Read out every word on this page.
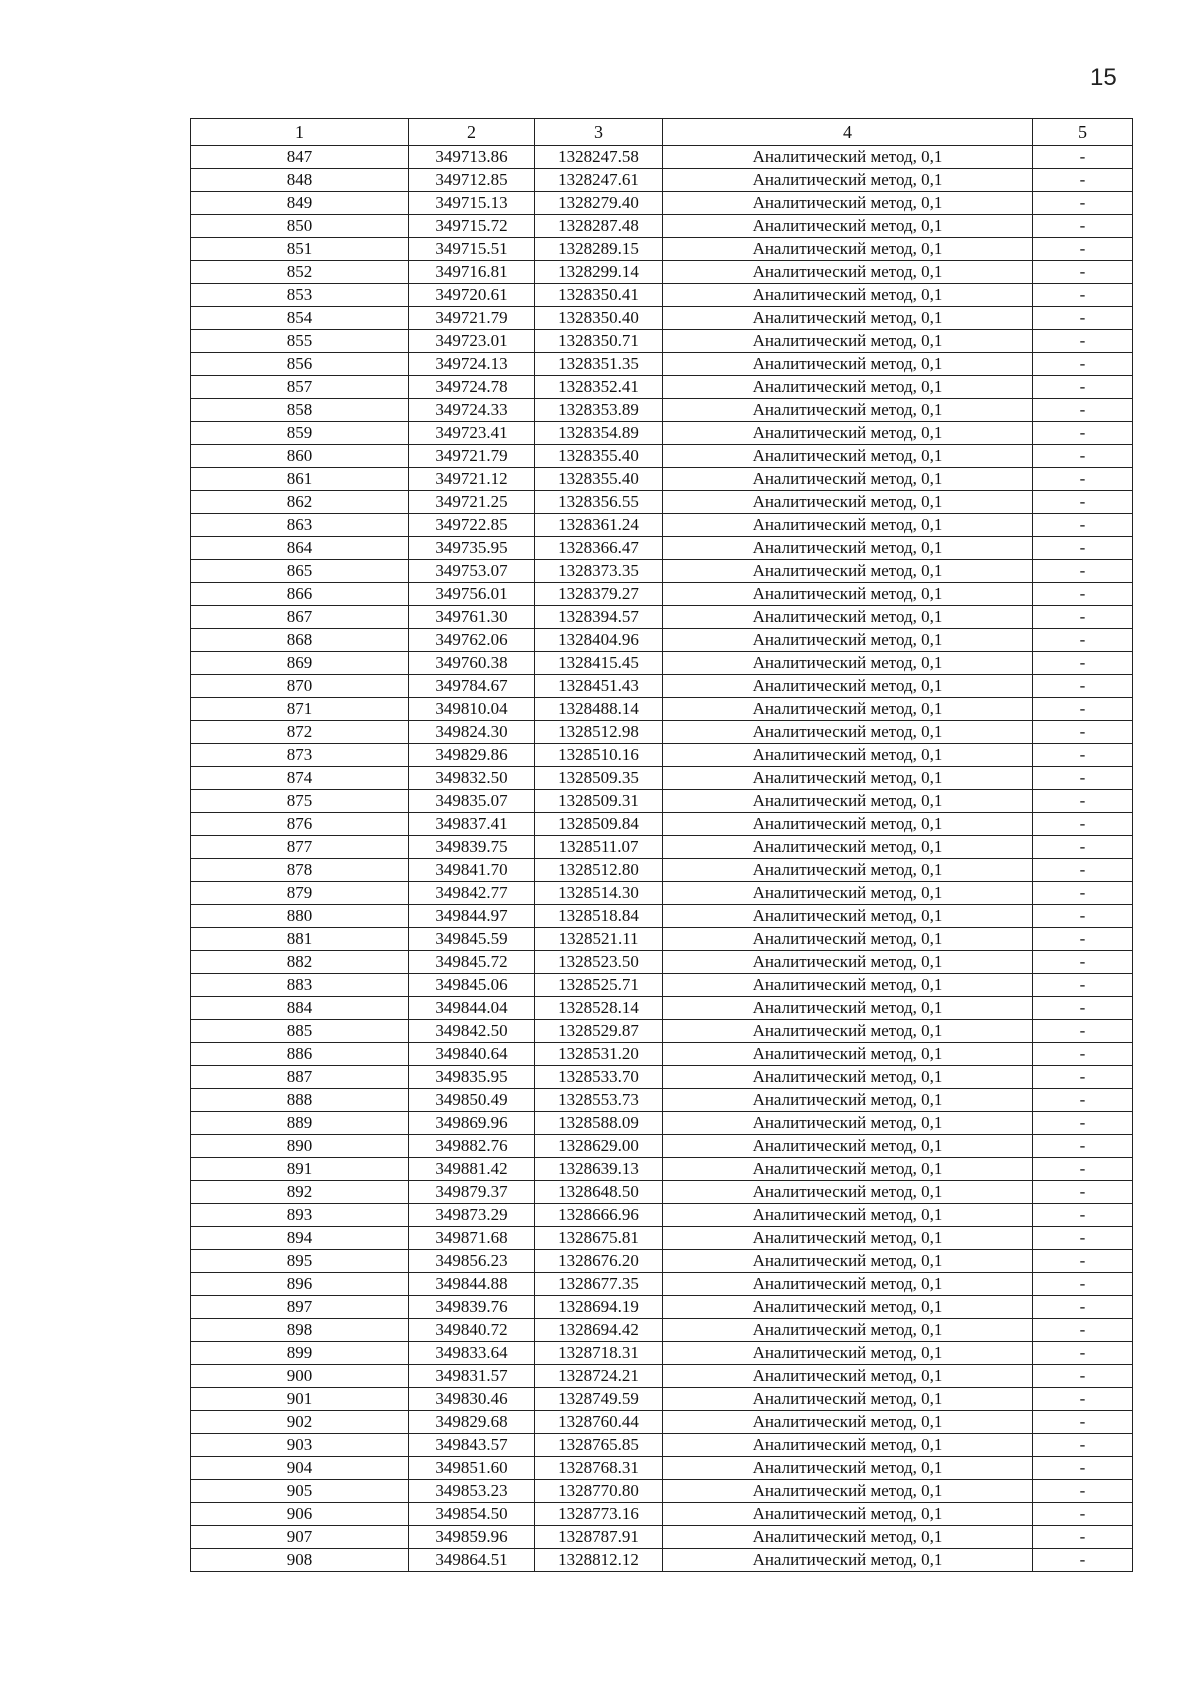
15
1	2	3	4	5
847	349713.86	1328247.58	Аналитический метод, 0,1	-
848	349712.85	1328247.61	Аналитический метод, 0,1	-
849	349715.13	1328279.40	Аналитический метод, 0,1	-
850	349715.72	1328287.48	Аналитический метод, 0,1	-
851	349715.51	1328289.15	Аналитический метод, 0,1	-
852	349716.81	1328299.14	Аналитический метод, 0,1	-
853	349720.61	1328350.41	Аналитический метод, 0,1	-
854	349721.79	1328350.40	Аналитический метод, 0,1	-
855	349723.01	1328350.71	Аналитический метод, 0,1	-
856	349724.13	1328351.35	Аналитический метод, 0,1	-
857	349724.78	1328352.41	Аналитический метод, 0,1	-
858	349724.33	1328353.89	Аналитический метод, 0,1	-
859	349723.41	1328354.89	Аналитический метод, 0,1	-
860	349721.79	1328355.40	Аналитический метод, 0,1	-
861	349721.12	1328355.40	Аналитический метод, 0,1	-
862	349721.25	1328356.55	Аналитический метод, 0,1	-
863	349722.85	1328361.24	Аналитический метод, 0,1	-
864	349735.95	1328366.47	Аналитический метод, 0,1	-
865	349753.07	1328373.35	Аналитический метод, 0,1	-
866	349756.01	1328379.27	Аналитический метод, 0,1	-
867	349761.30	1328394.57	Аналитический метод, 0,1	-
868	349762.06	1328404.96	Аналитический метод, 0,1	-
869	349760.38	1328415.45	Аналитический метод, 0,1	-
870	349784.67	1328451.43	Аналитический метод, 0,1	-
871	349810.04	1328488.14	Аналитический метод, 0,1	-
872	349824.30	1328512.98	Аналитический метод, 0,1	-
873	349829.86	1328510.16	Аналитический метод, 0,1	-
874	349832.50	1328509.35	Аналитический метод, 0,1	-
875	349835.07	1328509.31	Аналитический метод, 0,1	-
876	349837.41	1328509.84	Аналитический метод, 0,1	-
877	349839.75	1328511.07	Аналитический метод, 0,1	-
878	349841.70	1328512.80	Аналитический метод, 0,1	-
879	349842.77	1328514.30	Аналитический метод, 0,1	-
880	349844.97	1328518.84	Аналитический метод, 0,1	-
881	349845.59	1328521.11	Аналитический метод, 0,1	-
882	349845.72	1328523.50	Аналитический метод, 0,1	-
883	349845.06	1328525.71	Аналитический метод, 0,1	-
884	349844.04	1328528.14	Аналитический метод, 0,1	-
885	349842.50	1328529.87	Аналитический метод, 0,1	-
886	349840.64	1328531.20	Аналитический метод, 0,1	-
887	349835.95	1328533.70	Аналитический метод, 0,1	-
888	349850.49	1328553.73	Аналитический метод, 0,1	-
889	349869.96	1328588.09	Аналитический метод, 0,1	-
890	349882.76	1328629.00	Аналитический метод, 0,1	-
891	349881.42	1328639.13	Аналитический метод, 0,1	-
892	349879.37	1328648.50	Аналитический метод, 0,1	-
893	349873.29	1328666.96	Аналитический метод, 0,1	-
894	349871.68	1328675.81	Аналитический метод, 0,1	-
895	349856.23	1328676.20	Аналитический метод, 0,1	-
896	349844.88	1328677.35	Аналитический метод, 0,1	-
897	349839.76	1328694.19	Аналитический метод, 0,1	-
898	349840.72	1328694.42	Аналитический метод, 0,1	-
899	349833.64	1328718.31	Аналитический метод, 0,1	-
900	349831.57	1328724.21	Аналитический метод, 0,1	-
901	349830.46	1328749.59	Аналитический метод, 0,1	-
902	349829.68	1328760.44	Аналитический метод, 0,1	-
903	349843.57	1328765.85	Аналитический метод, 0,1	-
904	349851.60	1328768.31	Аналитический метод, 0,1	-
905	349853.23	1328770.80	Аналитический метод, 0,1	-
906	349854.50	1328773.16	Аналитический метод, 0,1	-
907	349859.96	1328787.91	Аналитический метод, 0,1	-
908	349864.51	1328812.12	Аналитический метод, 0,1	-
